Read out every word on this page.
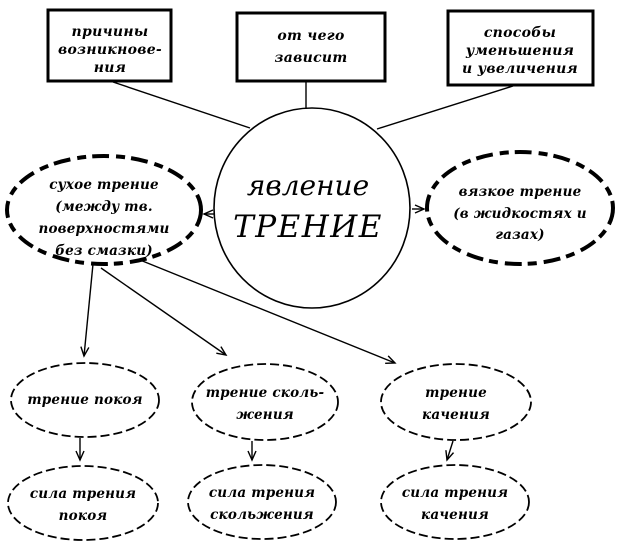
причины
возникнове-
ния
от чего
зависит
способы
уменьшения
и увеличения
явление
ТРЕНИЕ
сухое трение
(между тв.
поверхностями
без смазки)
вязкое трение
(в жидкостях и
газах)
трение покоя	трение сколь-
жения
трение
качения
сила трения
покоя
сила трения
скольжения
сила трения
качения
